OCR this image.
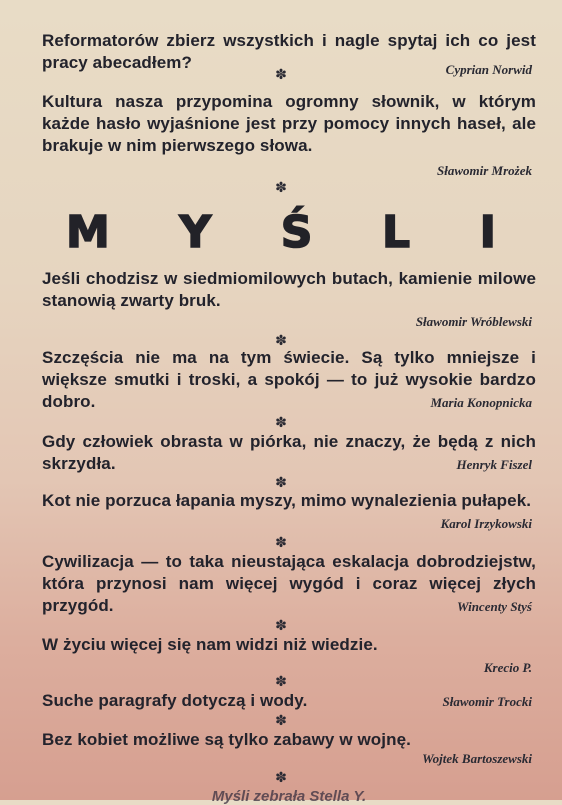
Reformatorów zbierz wszystkich i nagle spytaj ich co jest pracy abecadłem?	Cyprian Norwid
✽

Kultura nasza przypomina ogromny słownik, w którym każde hasło wyjaśnione jest przy pomocy innych haseł, ale brakuje w nim pierwszego słowa.

Sławomir Mrożek
✽
M Y Ś L I

Jeśli chodzisz w siedmiomilowych butach, kamienie milowe stanowią zwarty bruk.

Sławomir Wróblewski
✽

Szczęścia nie ma na tym świecie. Są tylko mniejsze i większe smutki i troski, a spokój — to już wysokie bardzo dobro.	Maria Konopnicka
✽

Gdy człowiek obrasta w piórka, nie znaczy, że będą z nich skrzydła.	Henryk Fiszel
✽

Kot nie porzuca łapania myszy, mimo wynalezienia pułapek.

Karol Irzykowski
✽

Cywilizacja — to taka nieustająca eskalacja dobrodziejstw, która przynosi nam więcej wygód i coraz więcej złych przygód.	Wincenty Styś
✽

W życiu więcej się nam widzi niż wiedzie.

Krecio P.
✽

Suche paragrafy dotyczą i wody.	Sławomir Trocki
✽

Bez kobiet możliwe są tylko zabawy w wojnę.

Wojtek Bartoszewski
✽
Myśli zebrała Stella Y.
